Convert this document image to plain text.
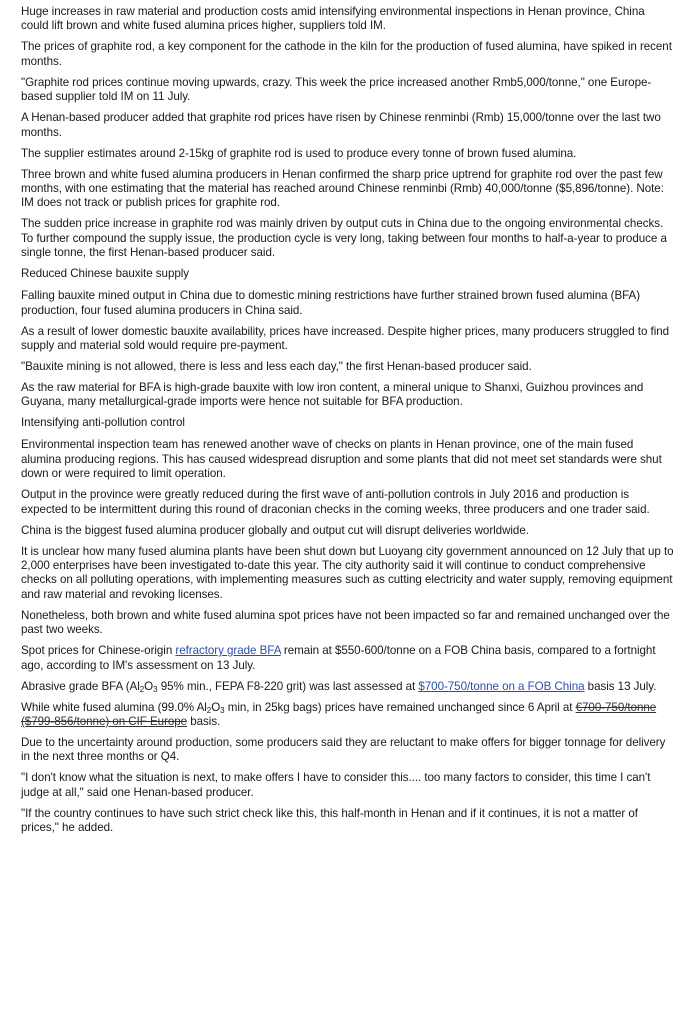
Huge increases in raw material and production costs amid intensifying environmental inspections in Henan province, China could lift brown and white fused alumina prices higher, suppliers told IM.

The prices of graphite rod, a key component for the cathode in the kiln for the production of fused alumina, have spiked in recent months.

"Graphite rod prices continue moving upwards, crazy. This week the price increased another Rmb5,000/tonne," one Europe-based supplier told IM on 11 July.

A Henan-based producer added that graphite rod prices have risen by Chinese renminbi (Rmb) 15,000/tonne over the last two months.

The supplier estimates around 2-15kg of graphite rod is used to produce every tonne of brown fused alumina.

Three brown and white fused alumina producers in Henan confirmed the sharp price uptrend for graphite rod over the past few months, with one estimating that the material has reached around Chinese renminbi (Rmb) 40,000/tonne ($5,896/tonne). Note: IM does not track or publish prices for graphite rod.

The sudden price increase in graphite rod was mainly driven by output cuts in China due to the ongoing environmental checks. To further compound the supply issue, the production cycle is very long, taking between four months to half-a-year to produce a single tonne, the first Henan-based producer said.

Reduced Chinese bauxite supply

Falling bauxite mined output in China due to domestic mining restrictions have further strained brown fused alumina (BFA) production, four fused alumina producers in China said.

As a result of lower domestic bauxite availability, prices have increased. Despite higher prices, many producers struggled to find supply and material sold would require pre-payment.

"Bauxite mining is not allowed, there is less and less each day," the first Henan-based producer said.

As the raw material for BFA is high-grade bauxite with low iron content, a mineral unique to Shanxi, Guizhou provinces and Guyana, many metallurgical-grade imports were hence not suitable for BFA production.

Intensifying anti-pollution control

Environmental inspection team has renewed another wave of checks on plants in Henan province, one of the main fused alumina producing regions. This has caused widespread disruption and some plants that did not meet set standards were shut down or were required to limit operation.

Output in the province were greatly reduced during the first wave of anti-pollution controls in July 2016 and production is expected to be intermittent during this round of draconian checks in the coming weeks, three producers and one trader said.

China is the biggest fused alumina producer globally and output cut will disrupt deliveries worldwide.

It is unclear how many fused alumina plants have been shut down but Luoyang city government announced on 12 July that up to 2,000 enterprises have been investigated to-date this year. The city authority said it will continue to conduct comprehensive checks on all polluting operations, with implementing measures such as cutting electricity and water supply, removing equipment and raw material and revoking licenses.

Nonetheless, both brown and white fused alumina spot prices have not been impacted so far and remained unchanged over the past two weeks.

Spot prices for Chinese-origin refractory grade BFA remain at $550-600/tonne on a FOB China basis, compared to a fortnight ago, according to IM's assessment on 13 July.

Abrasive grade BFA ($Al_2O_3$ 95% min., FEPA F8-220 grit) was last assessed at $700-750/tonne on a FOB China basis 13 July.

While white fused alumina (99.0% $Al_2O_3$ min, in 25kg bags) prices have remained unchanged since 6 April at €700-750/tonne ($799-856/tonne) on CIF Europe basis.

Due to the uncertainty around production, some producers said they are reluctant to make offers for bigger tonnage for delivery in the next three months or Q4.

"I don't know what the situation is next, to make offers I have to consider this.... too many factors to consider, this time I can't judge at all," said one Henan-based producer.

"If the country continues to have such strict check like this, this half-month in Henan and if it continues, it is not a matter of prices," he added.
